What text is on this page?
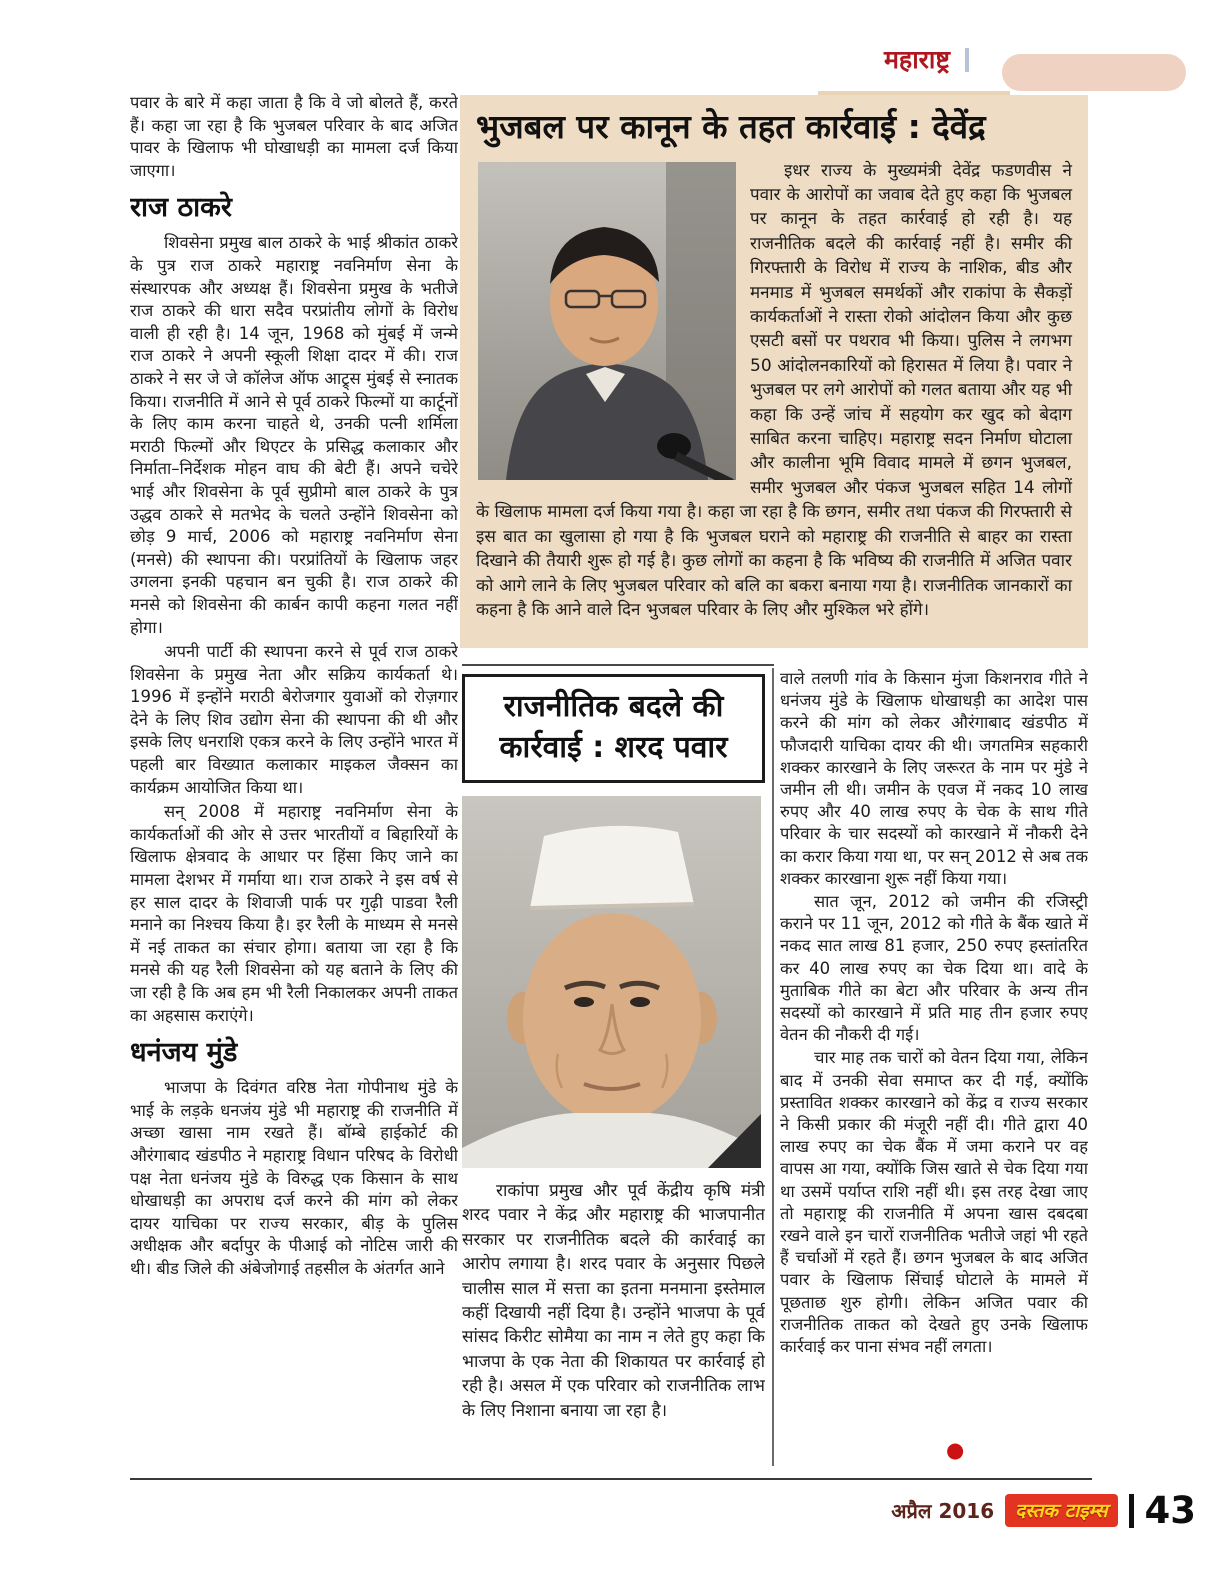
महाराष्ट्र

पवार के बारे में कहा जाता है कि वे जो बोलते हैं, करते हैं। कहा जा रहा है कि भुजबल परिवार के बाद अजित पावर के खिलाफ भी घोखाधड़ी का मामला दर्ज किया जाएगा।

राज ठाकरे

शिवसेना प्रमुख बाल ठाकरे के भाई श्रीकांत ठाकरे के पुत्र राज ठाकरे महाराष्ट्र नवनिर्माण सेना के संस्थारपक और अध्यक्ष हैं। शिवसेना प्रमुख के भतीजे राज ठाकरे की धारा सदैव परप्रांतीय लोगों के विरोध वाली ही रही है। 14 जून, 1968 को मुंबई में जन्मे राज ठाकरे ने अपनी स्कूली शिक्षा दादर में की। राज ठाकरे ने सर जे जे कॉलेज ऑफ आट्र्स मुंबई से स्नातक किया। राजनीति में आने से पूर्व ठाकरे फिल्मों या कार्टूनों के लिए काम करना चाहते थे, उनकी पत्नी शर्मिला मराठी फिल्मों और थिएटर के प्रसिद्ध कलाकार और निर्माता–निर्देशक मोहन वाघ की बेटी हैं। अपने चचेरे भाई और शिवसेना के पूर्व सुप्रीमो बाल ठाकरे के पुत्र उद्धव ठाकरे से मतभेद के चलते उन्होंने शिवसेना को छोड़ 9 मार्च, 2006 को महाराष्ट्र नवनिर्माण सेना (मनसे) की स्थापना की। परप्रांतियों के खिलाफ जहर उगलना इनकी पहचान बन चुकी है। राज ठाकरे की मनसे को शिवसेना की कार्बन कापी कहना गलत नहीं होगा।

अपनी पार्टी की स्थापना करने से पूर्व राज ठाकरे शिवसेना के प्रमुख नेता और सक्रिय कार्यकर्ता थे। 1996 में इन्होंने मराठी बेरोजगार युवाओं को रोज़गार देने के लिए शिव उद्योग सेना की स्थापना की थी और इसके लिए धनराशि एकत्र करने के लिए उन्होंने भारत में पहली बार विख्यात कलाकार माइकल जैक्सन का कार्यक्रम आयोजित किया था।

सन् 2008 में महाराष्ट्र नवनिर्माण सेना के कार्यकर्ताओं की ओर से उत्तर भारतीयों व बिहारियों के खिलाफ क्षेत्रवाद के आधार पर हिंसा किए जाने का मामला देशभर में गर्माया था। राज ठाकरे ने इस वर्ष से हर साल दादर के शिवाजी पार्क पर गुढ़ी पाडवा रैली मनाने का निश्चय किया है। इर रैली के माध्यम से मनसे में नई ताकत का संचार होगा। बताया जा रहा है कि मनसे की यह रैली शिवसेना को यह बताने के लिए की जा रही है कि अब हम भी रैली निकालकर अपनी ताकत का अहसास कराएंगे।

धनंजय मुंडे

भाजपा के दिवंगत वरिष्ठ नेता गोपीनाथ मुंडे के भाई के लड़के धनजंय मुंडे भी महाराष्ट्र की राजनीति में अच्छा खासा नाम रखते हैं। बॉम्बे हाईकोर्ट की औरंगाबाद खंडपीठ ने महाराष्ट्र विधान परिषद के विरोधी पक्ष नेता धनंजय मुंडे के विरुद्ध एक किसान के साथ धोखाधड़ी का अपराध दर्ज करने की मांग को लेकर दायर याचिका पर राज्य सरकार, बीड़ के पुलिस अधीक्षक और बर्दापुर के पीआई को नोटिस जारी की थी। बीड जिले की अंबेजोगाई तहसील के अंतर्गत आने

भुजबल पर कानून के तहत कार्रवाई : देवेंद्र

इधर राज्य के मुख्यमंत्री देवेंद्र फडणवीस ने पवार के आरोपों का जवाब देते हुए कहा कि भुजबल पर कानून के तहत कार्रवाई हो रही है। यह राजनीतिक बदले की कार्रवाई नहीं है। समीर की गिरफ्तारी के विरोध में राज्य के नाशिक, बीड और मनमाड में भुजबल समर्थकों और राकांपा के सैकड़ों कार्यकर्ताओं ने रास्ता रोको आंदोलन किया और कुछ एसटी बसों पर पथराव भी किया। पुलिस ने लगभग 50 आंदोलनकारियों को हिरासत में लिया है। पवार ने भुजबल पर लगे आरोपों को गलत बताया और यह भी कहा कि उन्हें जांच में सहयोग कर खुद को बेदाग साबित करना चाहिए। महाराष्ट्र सदन निर्माण घोटाला और कालीना भूमि विवाद मामले में छगन भुजबल, समीर भुजबल और पंकज भुजबल सहित 14 लोगों के खिलाफ मामला दर्ज किया गया है। कहा जा रहा है कि छगन, समीर तथा पंकज की गिरफ्तारी से इस बात का खुलासा हो गया है कि भुजबल घराने को महाराष्ट्र की राजनीति से बाहर का रास्ता दिखाने की तैयारी शुरू हो गई है। कुछ लोगों का कहना है कि भविष्य की राजनीति में अजित पवार को आगे लाने के लिए भुजबल परिवार को बलि का बकरा बनाया गया है। राजनीतिक जानकारों का कहना है कि आने वाले दिन भुजबल परिवार के लिए और मुश्किल भरे होंगे।

राजनीतिक बदले की
कार्रवाई : शरद पवार

राकांपा प्रमुख और पूर्व केंद्रीय कृषि मंत्री शरद पवार ने केंद्र और महाराष्ट्र की भाजपानीत सरकार पर राजनीतिक बदले की कार्रवाई का आरोप लगाया है। शरद पवार के अनुसार पिछले चालीस साल में सत्ता का इतना मनमाना इस्तेमाल कहीं दिखायी नहीं दिया है। उन्होंने भाजपा के पूर्व सांसद किरीट सोमैया का नाम न लेते हुए कहा कि भाजपा के एक नेता की शिकायत पर कार्रवाई हो रही है। असल में एक परिवार को राजनीतिक लाभ के लिए निशाना बनाया जा रहा है।

वाले तलणी गांव के किसान मुंजा किशनराव गीते ने धनंजय मुंडे के खिलाफ धोखाधड़ी का आदेश पास करने की मांग को लेकर औरंगाबाद खंडपीठ में फौजदारी याचिका दायर की थी। जगतमित्र सहकारी शक्कर कारखाने के लिए जरूरत के नाम पर मुंडे ने जमीन ली थी। जमीन के एवज में नकद 10 लाख रुपए और 40 लाख रुपए के चेक के साथ गीते परिवार के चार सदस्यों को कारखाने में नौकरी देने का करार किया गया था, पर सन् 2012 से अब तक शक्कर कारखाना शुरू नहीं किया गया।

सात जून, 2012 को जमीन की रजिस्ट्री कराने पर 11 जून, 2012 को गीते के बैंक खाते में नकद सात लाख 81 हजार, 250 रुपए हस्तांतरित कर 40 लाख रुपए का चेक दिया था। वादे के मुताबिक गीते का बेटा और परिवार के अन्य तीन सदस्यों को कारखाने में प्रति माह तीन हजार रुपए वेतन की नौकरी दी गई।

चार माह तक चारों को वेतन दिया गया, लेकिन बाद में उनकी सेवा समाप्त कर दी गई, क्योंकि प्रस्तावित शक्कर कारखाने को केंद्र व राज्य सरकार ने किसी प्रकार की मंजूरी नहीं दी। गीते द्वारा 40 लाख रुपए का चेक बैंक में जमा कराने पर वह वापस आ गया, क्योंकि जिस खाते से चेक दिया गया था उसमें पर्याप्त राशि नहीं थी। इस तरह देखा जाए तो महाराष्ट्र की राजनीति में अपना खास दबदबा रखने वाले इन चारों राजनीतिक भतीजे जहां भी रहते हैं चर्चाओं में रहते हैं। छगन भुजबल के बाद अजित पवार के खिलाफ सिंचाई घोटाले के मामले में पूछताछ शुरु होगी। लेकिन अजित पवार की राजनीतिक ताकत को देखते हुए उनके खिलाफ कार्रवाई कर पाना संभव नहीं लगता।

●
अप्रैल 2016	दस्तक टाइम्स 43
